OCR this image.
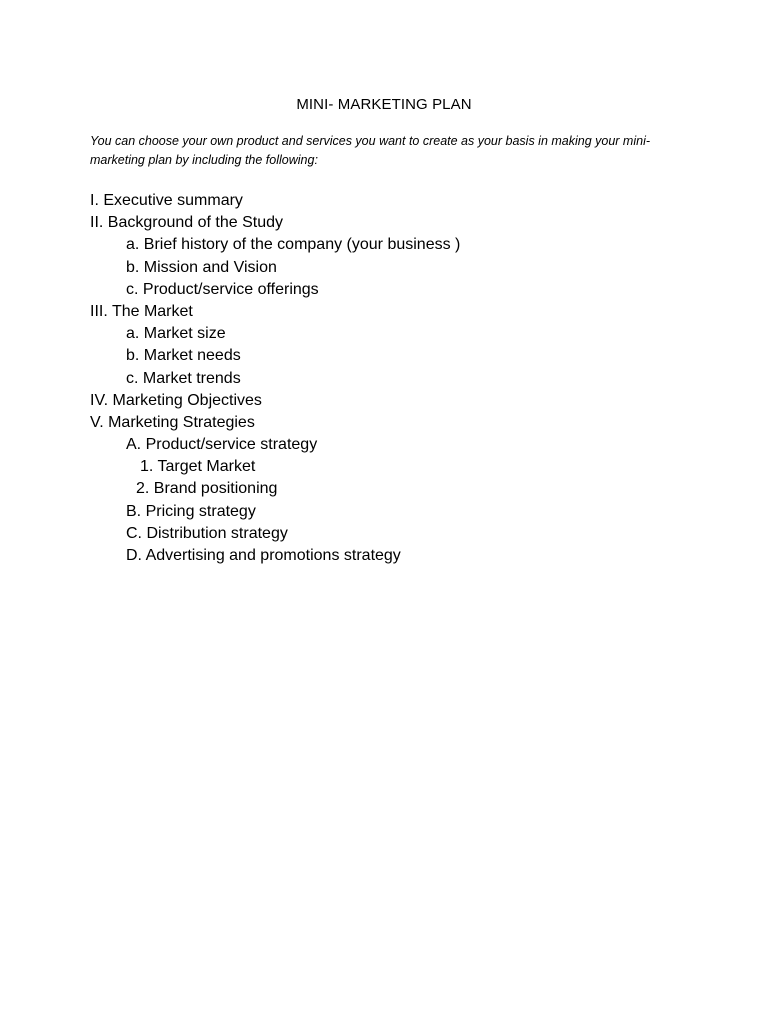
MINI- MARKETING PLAN
You can choose your own product and services you want to create as your basis in making your mini-marketing plan by including the following:
I. Executive summary
II. Background of the Study
a. Brief history of the company (your business )
b. Mission and Vision
c. Product/service offerings
III. The Market
a. Market size
b. Market needs
c. Market trends
IV. Marketing Objectives
V. Marketing Strategies
A. Product/service strategy
1. Target Market
2. Brand positioning
B. Pricing strategy
C. Distribution strategy
D. Advertising and promotions strategy
